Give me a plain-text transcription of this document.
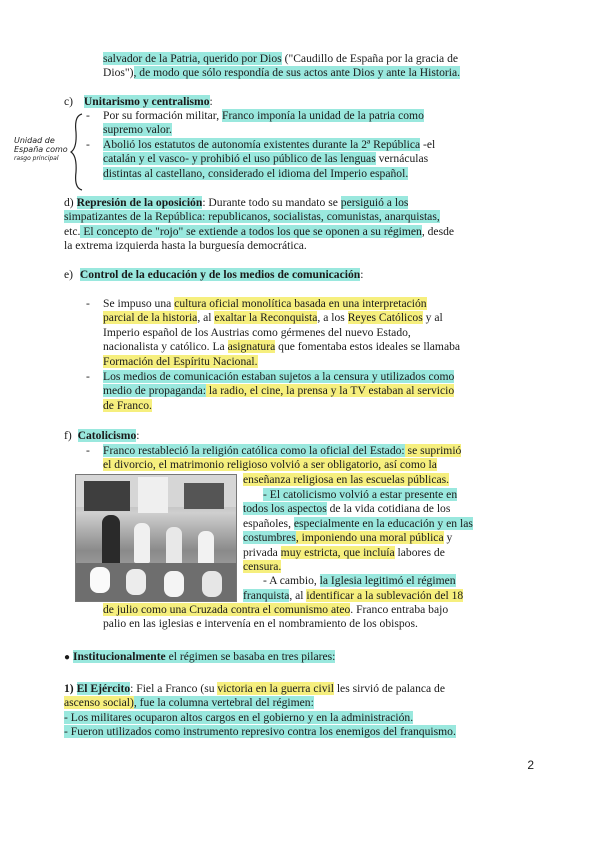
salvador de la Patria, querido por Dios ("Caudillo de España por la gracia de

Dios"), de modo que sólo respondía de sus actos ante Dios y ante la Historia.

c) Unitarismo y centralismo:
Unidad de
España como
rasgo principal
- Por su formación militar, Franco imponía la unidad de la patria como

supremo valor.

- Abolió los estatutos de autonomía existentes durante la 2ª República -el

catalán y el vasco- y prohibió el uso público de las lenguas vernáculas

distintas al castellano, considerado el idioma del Imperio español.

d) Represión de la oposición: Durante todo su mandato se persiguió a los

simpatizantes de la República: republicanos, socialistas, comunistas, anarquistas,

etc. El concepto de "rojo" se extiende a todos los que se oponen a su régimen, desde

la extrema izquierda hasta la burguesía democrática.

e) Control de la educación y de los medios de comunicación:
- Se impuso una cultura oficial monolítica basada en una interpretación

parcial de la historia, al exaltar la Reconquista, a los Reyes Católicos y al

Imperio español de los Austrias como gérmenes del nuevo Estado,

nacionalista y católico. La asignatura que fomentaba estos ideales se llamaba

Formación del Espíritu Nacional.

- Los medios de comunicación estaban sujetos a la censura y utilizados como

medio de propaganda: la radio, el cine, la prensa y la TV estaban al servicio

de Franco.

f) Catolicismo:
- Franco restableció la religión católica como la oficial del Estado: se suprimió

el divorcio, el matrimonio religioso volvió a ser obligatorio, así como la

enseñanza religiosa en las escuelas públicas.

- El catolicismo volvió a estar presente en

todos los aspectos de la vida cotidiana de los

españoles, especialmente en la educación y en las

costumbres, imponiendo una moral pública y

privada muy estricta, que incluía labores de

censura.

- A cambio, la Iglesia legitimó el régimen

franquista, al identificar a la sublevación del 18

de julio como una Cruzada contra el comunismo ateo. Franco entraba bajo

palio en las iglesias e intervenía en el nombramiento de los obispos.

● Institucionalmente el régimen se basaba en tres pilares:

1) El Ejército: Fiel a Franco (su victoria en la guerra civil les sirvió de palanca de

ascenso social), fue la columna vertebral del régimen:

- Los militares ocuparon altos cargos en el gobierno y en la administración.

- Fueron utilizados como instrumento represivo contra los enemigos del franquismo.

2
